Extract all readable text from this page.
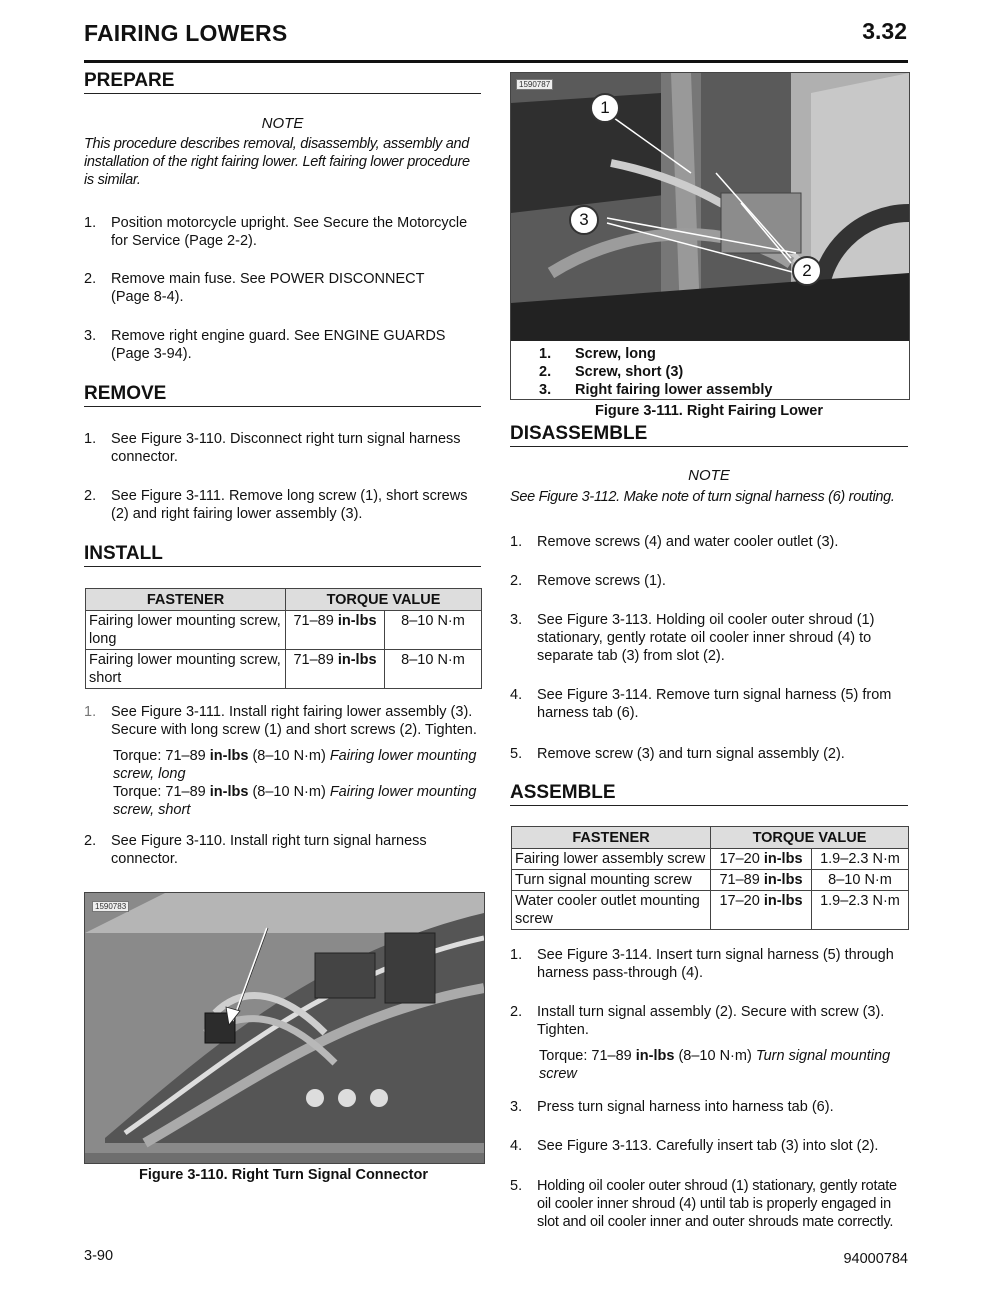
FAIRING LOWERS	3.32
PREPARE
NOTE
This procedure describes removal, disassembly, assembly and
installation of the right fairing lower. Left fairing lower procedure
is similar.
1. Position motorcycle upright. See Secure the Motorcycle
for Service (Page 2-2).
2. Remove main fuse. See POWER DISCONNECT
(Page 8-4).
3. Remove right engine guard. See ENGINE GUARDS
(Page 3-94).
REMOVE
1. See Figure 3-110. Disconnect right turn signal harness
connector.
2. See Figure 3-111. Remove long screw (1), short screws
(2) and right fairing lower assembly (3).
INSTALL
FASTENER	TORQUE VALUE	

Fairing lower mounting screw,
long	71–89 in-lbs	8–10 N·m

Fairing lower mounting screw,
short	71–89 in-lbs	8–10 N·m
1. See Figure 3-111. Install right fairing lower assembly (3).
Secure with long screw (1) and short screws (2). Tighten.
Torque: 71–89 in-lbs (8–10 N·m) Fairing lower mounting
screw, long
Torque: 71–89 in-lbs (8–10 N·m) Fairing lower mounting
screw, short
2. See Figure 3-110. Install right turn signal harness
connector.
1590783
Figure 3-110. Right Turn Signal Connector
1590787
1
3
2
1. Screw, long
2. Screw, short (3)
3. Right fairing lower assembly
Figure 3-111. Right Fairing Lower
DISASSEMBLE
NOTE
See Figure 3-112. Make note of turn signal harness (6) routing.
1. Remove screws (4) and water cooler outlet (3).
2. Remove screws (1).
3. See Figure 3-113. Holding oil cooler outer shroud (1)
stationary, gently rotate oil cooler inner shroud (4) to
separate tab (3) from slot (2).
4. See Figure 3-114. Remove turn signal harness (5) from
harness tab (6).
5. Remove screw (3) and turn signal assembly (2).
ASSEMBLE
FASTENER	TORQUE VALUE	

Fairing lower assembly screw	17–20 in-lbs	1.9–2.3 N·m

Turn signal mounting screw	71–89 in-lbs	8–10 N·m

Water cooler outlet mounting
screw	17–20 in-lbs	1.9–2.3 N·m
1. See Figure 3-114. Insert turn signal harness (5) through
harness pass-through (4).
2. Install turn signal assembly (2). Secure with screw (3).
Tighten.
Torque: 71–89 in-lbs (8–10 N·m) Turn signal mounting
screw
3. Press turn signal harness into harness tab (6).
4. See Figure 3-113. Carefully insert tab (3) into slot (2).
5. Holding oil cooler outer shroud (1) stationary, gently rotate
oil cooler inner shroud (4) until tab is properly engaged in
slot and oil cooler inner and outer shrouds mate correctly.
3-90	94000784
